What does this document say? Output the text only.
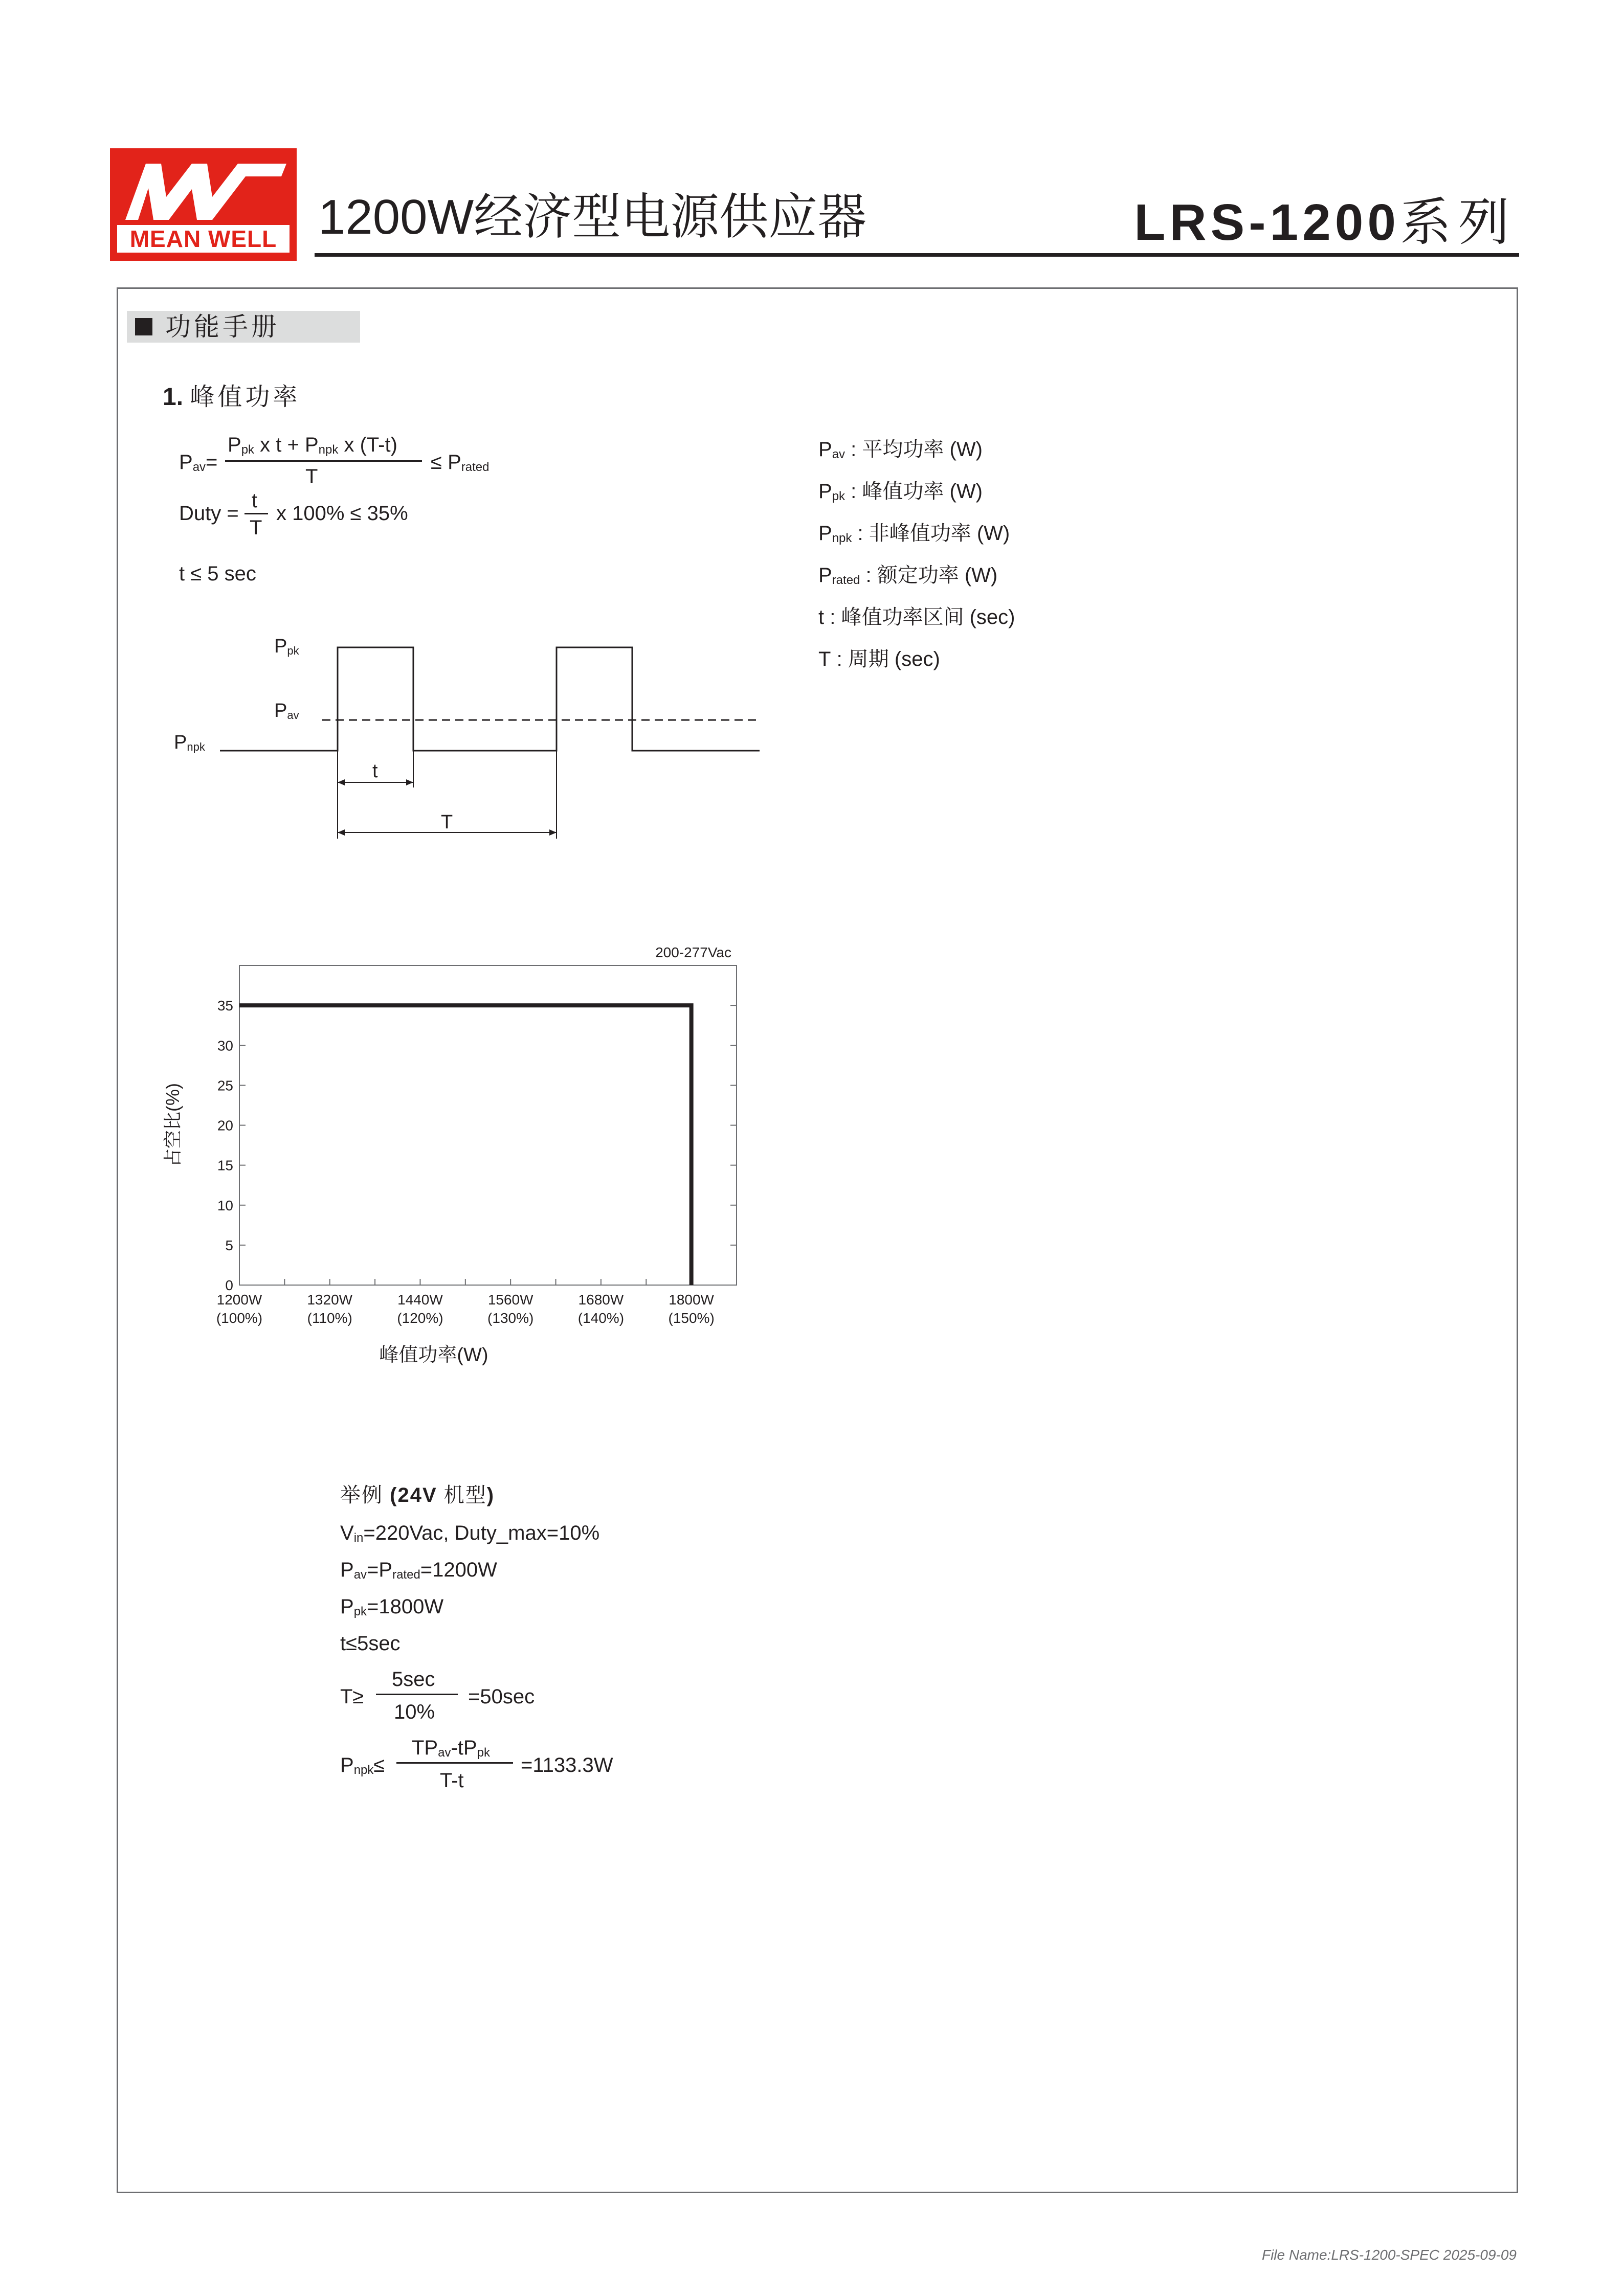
MEAN WELL 1200W经济型电源供应器	LRS-1200系列
功能手册
1. 峰值功率
Pav=
Ppk x t + Pnpk x (T-t)
T
≤ Prated
Duty =
t
T
x 100% ≤ 35%
t ≤ 5 sec
Pav : 平均功率 (W)
Ppk : 峰值功率 (W)
Pnpk : 非峰值功率 (W)
Prated : 额定功率 (W)
t : 峰值功率区间 (sec)
T : 周期 (sec)
Ppk
Pav
Pnpk
t
T
200-277Vac
0
5
10
15
20
25
30
35
1200W
(100%)
1320W
(110%)
1440W
(120%)
1560W
(130%)
1680W
(140%)
1800W
(150%)
占空比(%)
峰值功率(W)
举例 (24V 机型)
Vin=220Vac, Duty_max=10%
Pav=Prated=1200W
Ppk=1800W
t≤5sec
T≥
5sec
10%
=50sec
Pnpk≤
TPav-tPpk
T-t
=1133.3W
File Name:LRS-1200-SPEC 2025-09-09
